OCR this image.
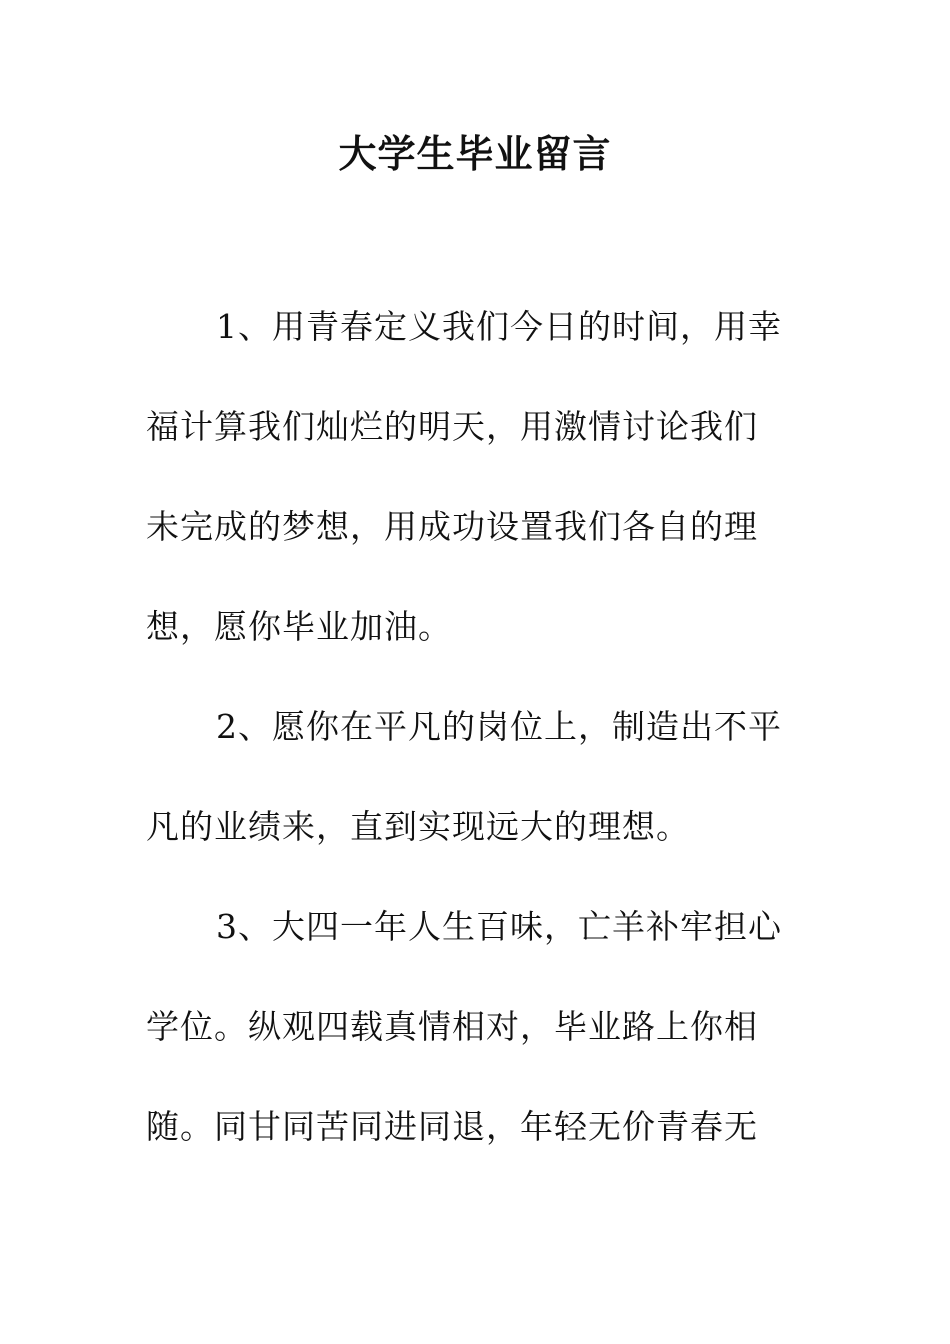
大学生毕业留言
1、用青春定义我们今日的时间，用幸
福计算我们灿烂的明天，用激情讨论我们
未完成的梦想，用成功设置我们各自的理
想，愿你毕业加油。
2、愿你在平凡的岗位上，制造出不平
凡的业绩来，直到实现远大的理想。
3、大四一年人生百味，亡羊补牢担心
学位。纵观四载真情相对，毕业路上你相
随。同甘同苦同进同退，年轻无价青春无
